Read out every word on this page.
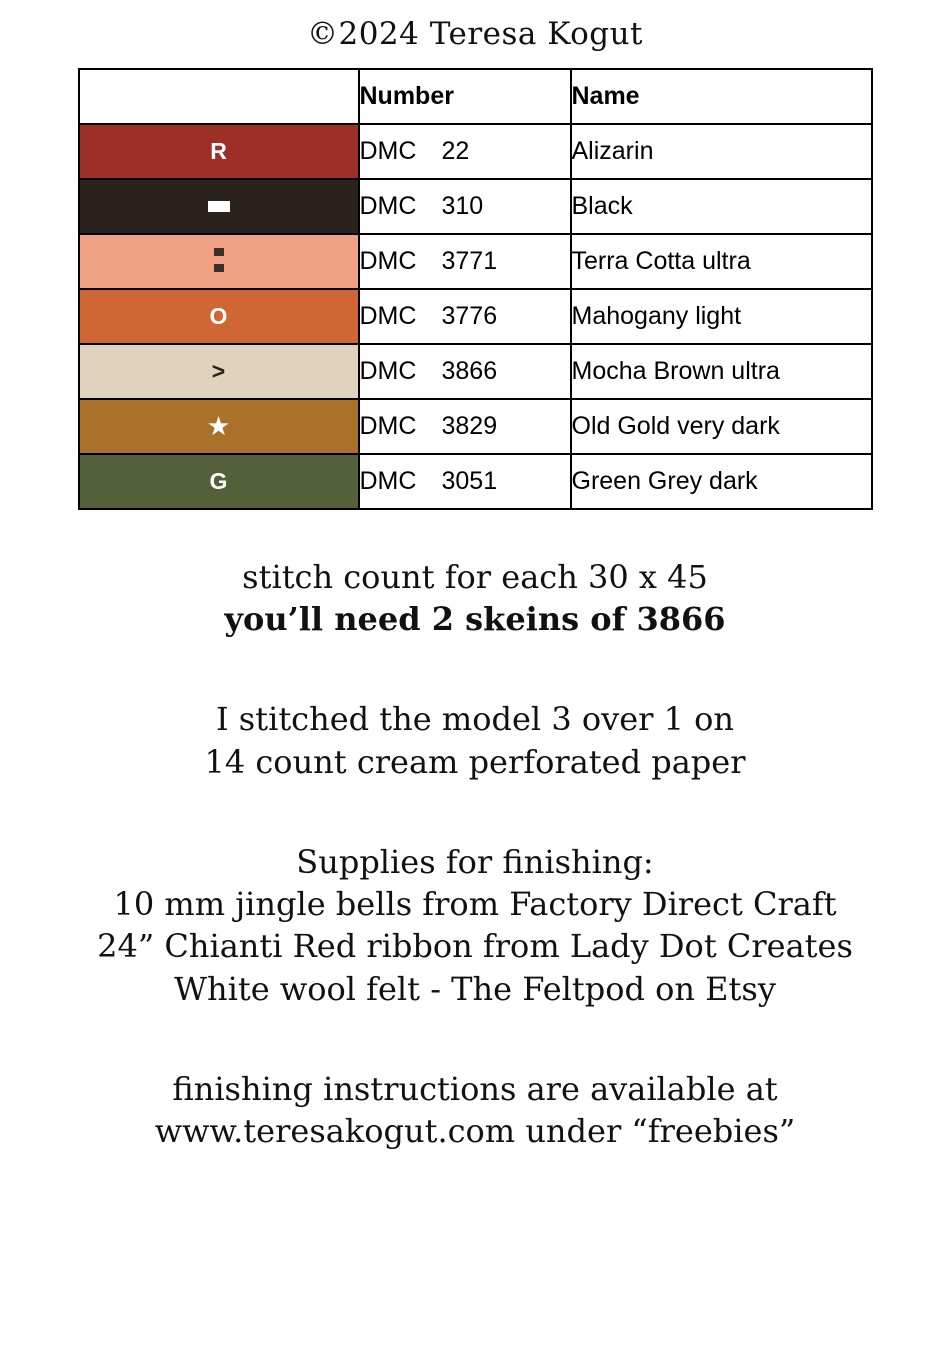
©2024 Teresa Kogut
	Number	Name
R	DMC 22	Alizarin
	DMC 310	Black
	DMC 3771	Terra Cotta ultra
O	DMC 3776	Mahogany light
>	DMC 3866	Mocha Brown ultra
★	DMC 3829	Old Gold very dark
G	DMC 3051	Green Grey dark
stitch count for each 30 x 45
you’ll need 2 skeins of 3866
I stitched the model 3 over 1 on
14 count cream perforated paper
Supplies for finishing:
10 mm jingle bells from Factory Direct Craft
24” Chianti Red ribbon from Lady Dot Creates
White wool felt - The Feltpod on Etsy
finishing instructions are available at
www.teresakogut.com under “freebies”
